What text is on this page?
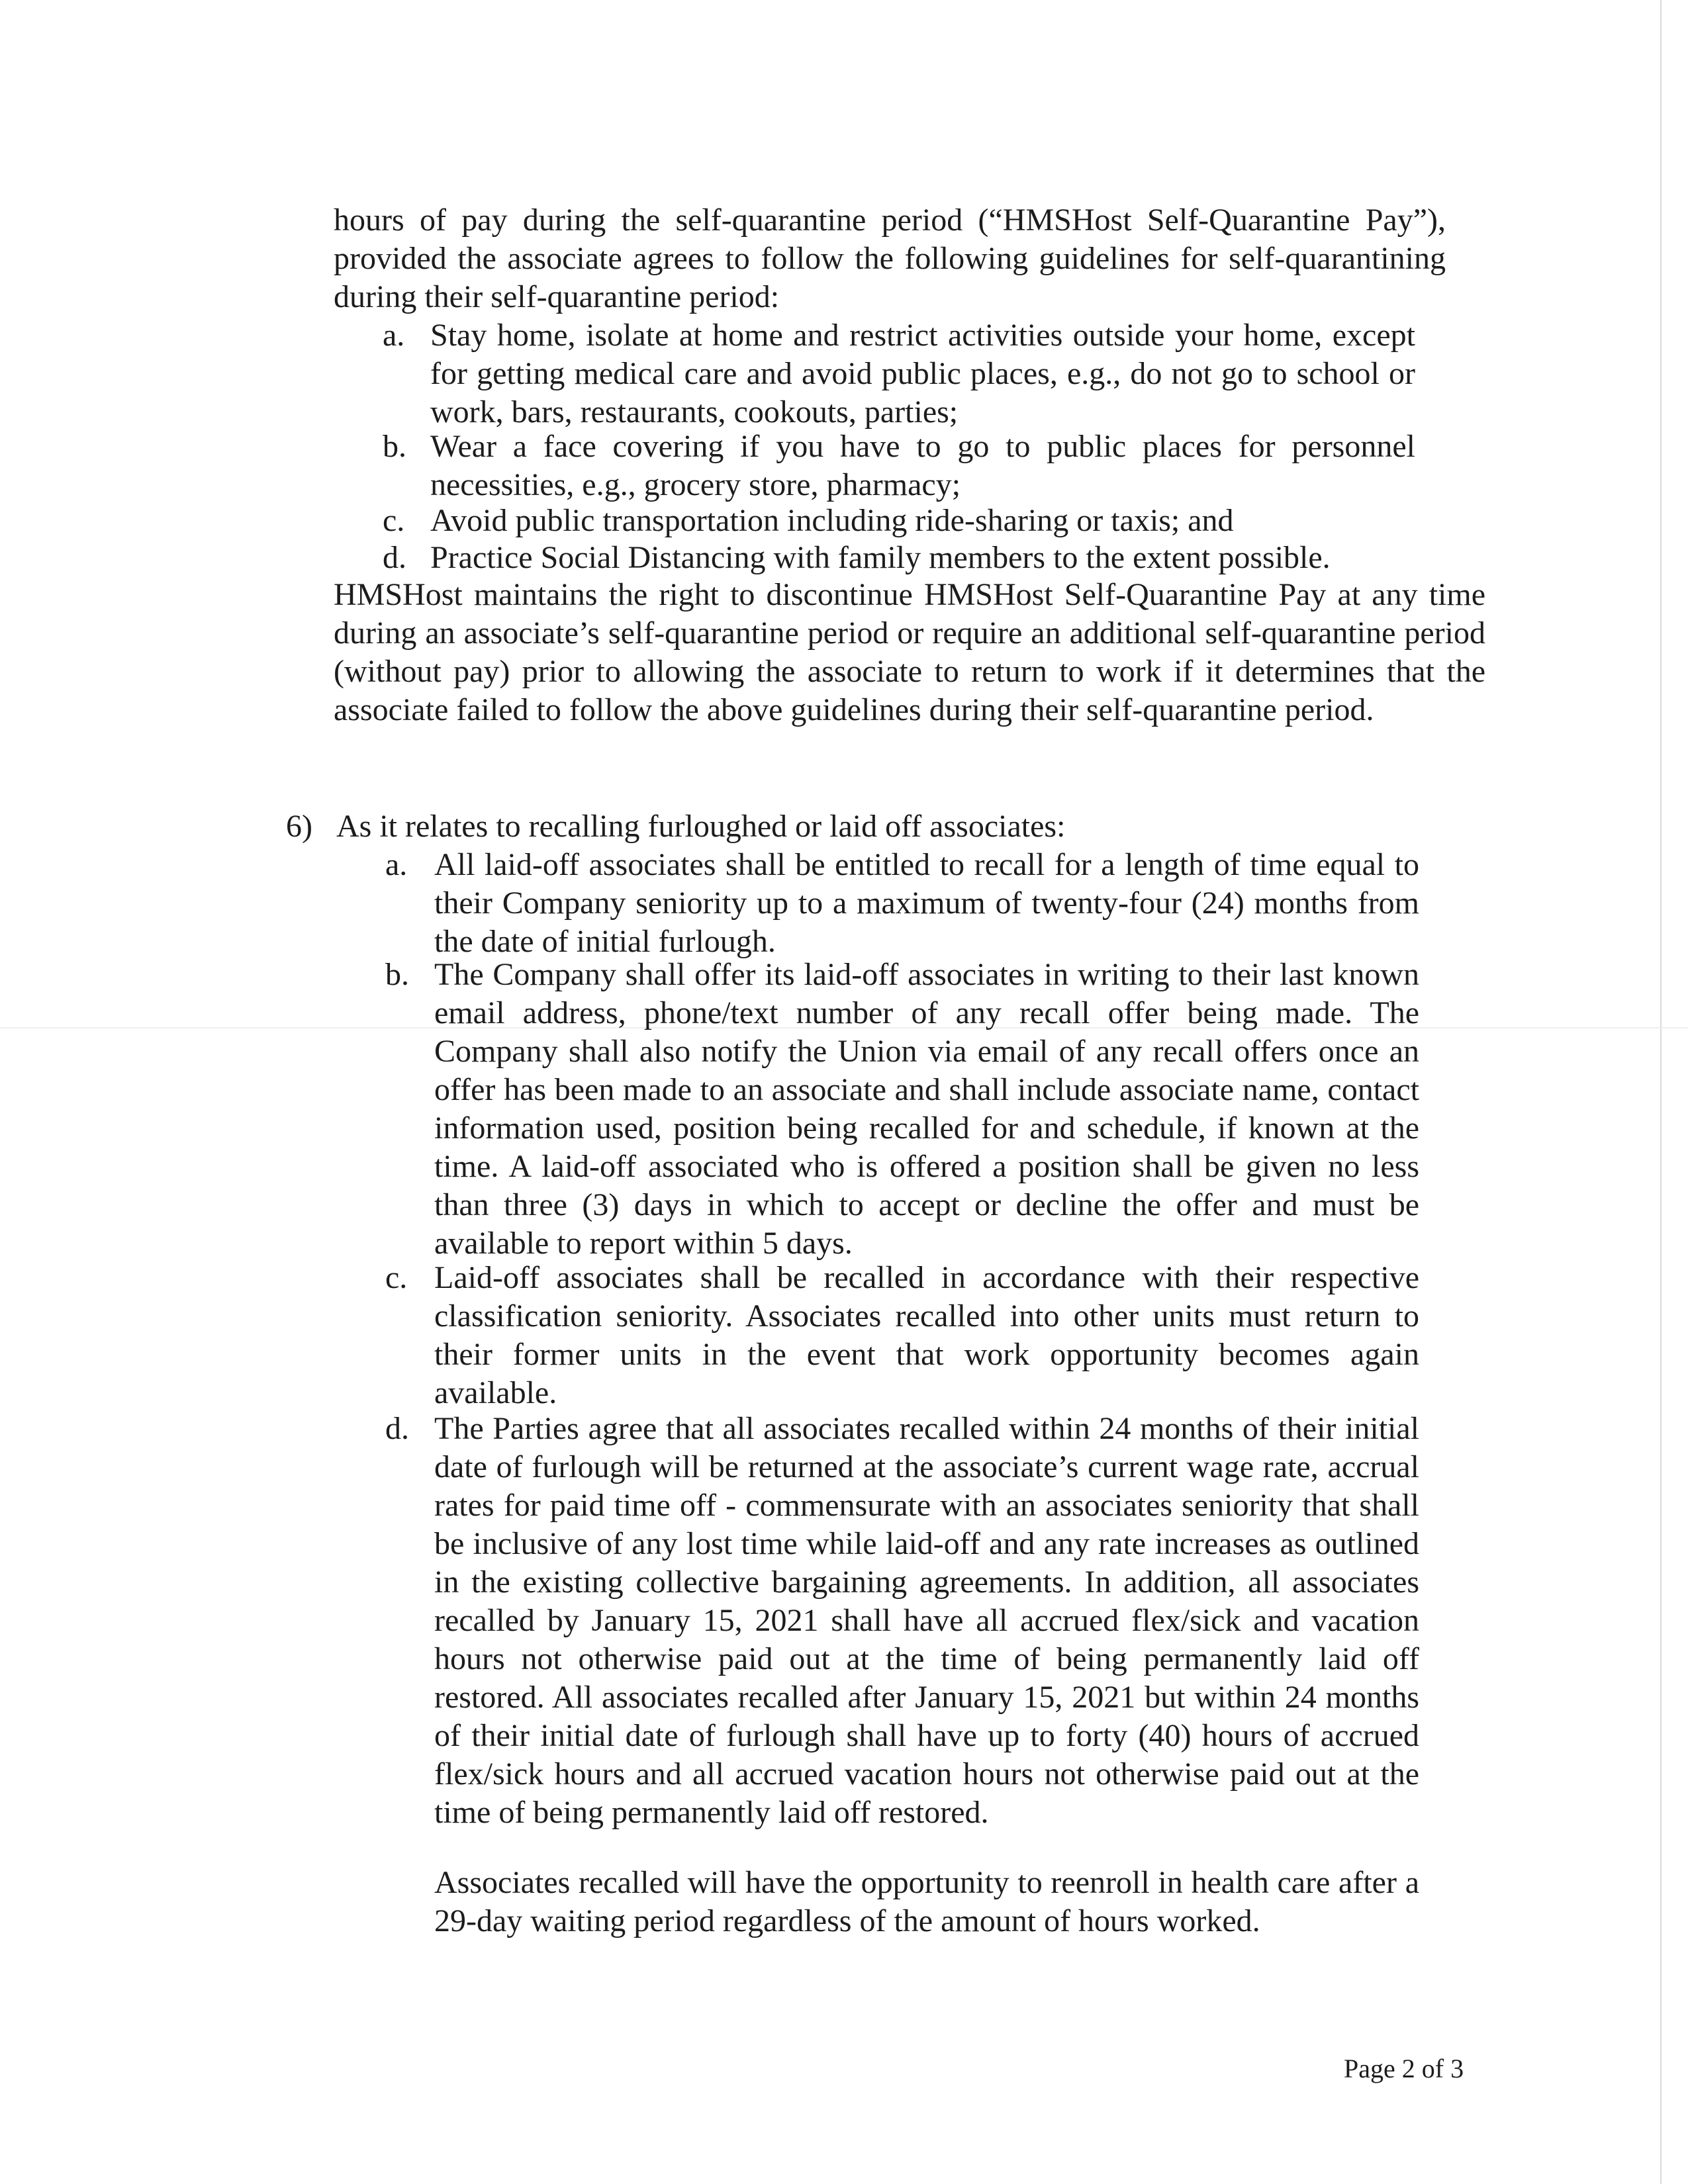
hours of pay during the self-quarantine period (“HMSHost Self-Quarantine Pay”), provided the associate agrees to follow the following guidelines for self-quarantining during their self-quarantine period:

a. Stay home, isolate at home and restrict activities outside your home, except for getting medical care and avoid public places, e.g., do not go to school or work, bars, restaurants, cookouts, parties;

b. Wear a face covering if you have to go to public places for personnel necessities, e.g., grocery store, pharmacy;

c. Avoid public transportation including ride-sharing or taxis; and

d. Practice Social Distancing with family members to the extent possible.

HMSHost maintains the right to discontinue HMSHost Self-Quarantine Pay at any time during an associate’s self-quarantine period or require an additional self-quarantine period (without pay) prior to allowing the associate to return to work if it determines that the associate failed to follow the above guidelines during their self-quarantine period.

6) As it relates to recalling furloughed or laid off associates:

a. All laid-off associates shall be entitled to recall for a length of time equal to their Company seniority up to a maximum of twenty-four (24) months from the date of initial furlough.

b. The Company shall offer its laid-off associates in writing to their last known email address, phone/text number of any recall offer being made. The Company shall also notify the Union via email of any recall offers once an offer has been made to an associate and shall include associate name, contact information used, position being recalled for and schedule, if known at the time. A laid-off associated who is offered a position shall be given no less than three (3) days in which to accept or decline the offer and must be available to report within 5 days.

c. Laid-off associates shall be recalled in accordance with their respective classification seniority. Associates recalled into other units must return to their former units in the event that work opportunity becomes again available.

d. The Parties agree that all associates recalled within 24 months of their initial date of furlough will be returned at the associate’s current wage rate, accrual rates for paid time off - commensurate with an associates seniority that shall be inclusive of any lost time while laid-off and any rate increases as outlined in the existing collective bargaining agreements. In addition, all associates recalled by January 15, 2021 shall have all accrued flex/sick and vacation hours not otherwise paid out at the time of being permanently laid off restored. All associates recalled after January 15, 2021 but within 24 months of their initial date of furlough shall have up to forty (40) hours of accrued flex/sick hours and all accrued vacation hours not otherwise paid out at the time of being permanently laid off restored.

Associates recalled will have the opportunity to reenroll in health care after a 29-day waiting period regardless of the amount of hours worked.

Page 2 of 3
